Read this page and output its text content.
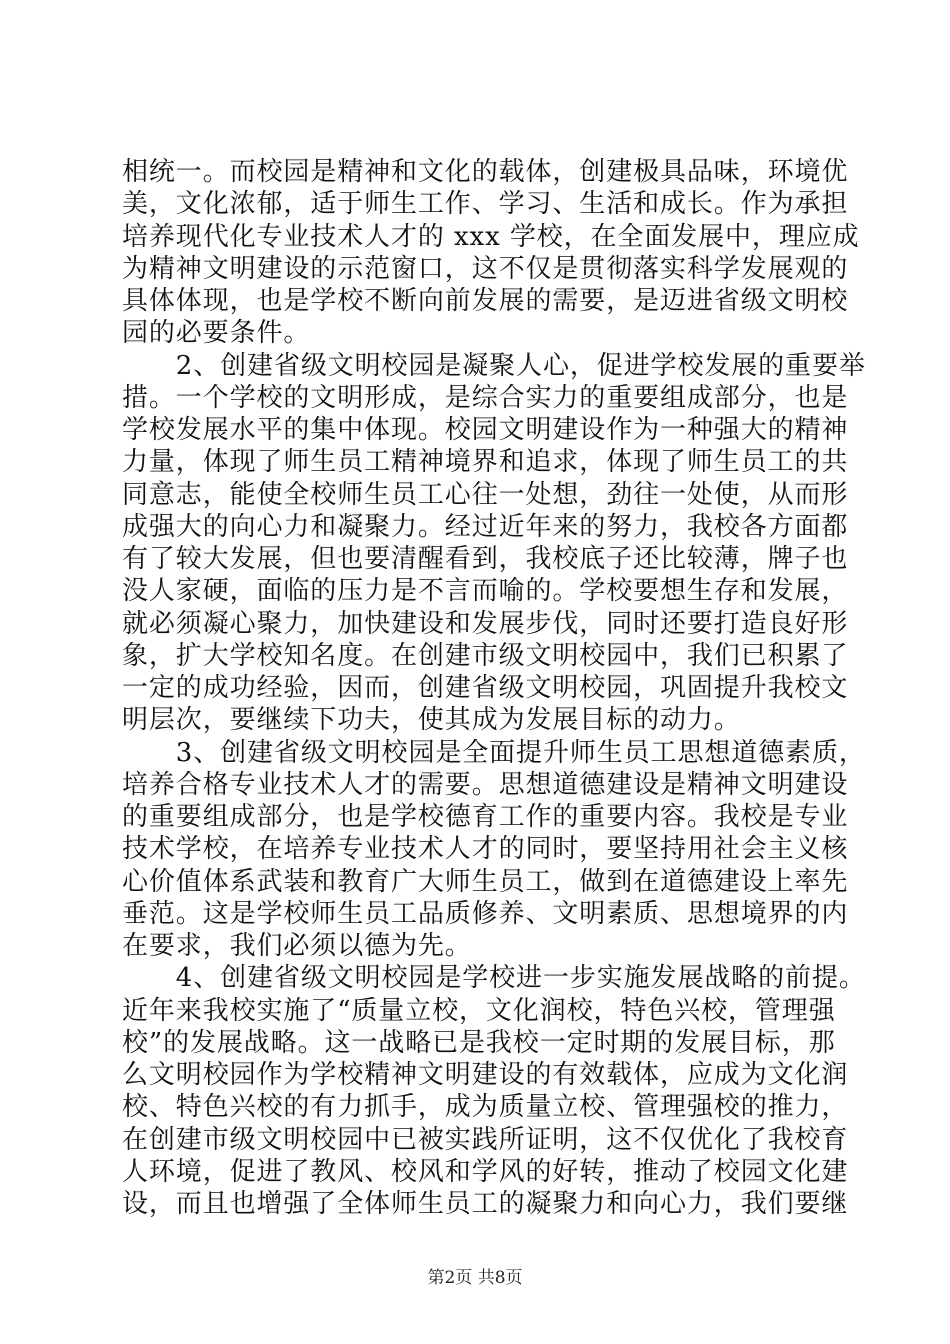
相统一。而校园是精神和文化的载体，创建极具品味，环境优
美，文化浓郁，适于师生工作、学习、生活和成长。作为承担
培养现代化专业技术人才的 xxx 学校，在全面发展中，理应成
为精神文明建设的示范窗口，这不仅是贯彻落实科学发展观的
具体体现，也是学校不断向前发展的需要，是迈进省级文明校
园的必要条件。
　　2、创建省级文明校园是凝聚人心，促进学校发展的重要举
措。一个学校的文明形成，是综合实力的重要组成部分，也是
学校发展水平的集中体现。校园文明建设作为一种强大的精神
力量，体现了师生员工精神境界和追求，体现了师生员工的共
同意志，能使全校师生员工心往一处想，劲往一处使，从而形
成强大的向心力和凝聚力。经过近年来的努力，我校各方面都
有了较大发展，但也要清醒看到，我校底子还比较薄，牌子也
没人家硬，面临的压力是不言而喻的。学校要想生存和发展，
就必须凝心聚力，加快建设和发展步伐，同时还要打造良好形
象，扩大学校知名度。在创建市级文明校园中，我们已积累了
一定的成功经验，因而，创建省级文明校园，巩固提升我校文
明层次，要继续下功夫，使其成为发展目标的动力。
　　3、创建省级文明校园是全面提升师生员工思想道德素质，
培养合格专业技术人才的需要。思想道德建设是精神文明建设
的重要组成部分，也是学校德育工作的重要内容。我校是专业
技术学校，在培养专业技术人才的同时，要坚持用社会主义核
心价值体系武装和教育广大师生员工，做到在道德建设上率先
垂范。这是学校师生员工品质修养、文明素质、思想境界的内
在要求，我们必须以德为先。
　　4、创建省级文明校园是学校进一步实施发展战略的前提。
近年来我校实施了“质量立校，文化润校，特色兴校，管理强
校”的发展战略。这一战略已是我校一定时期的发展目标，那
么文明校园作为学校精神文明建设的有效载体，应成为文化润
校、特色兴校的有力抓手，成为质量立校、管理强校的推力，
在创建市级文明校园中已被实践所证明，这不仅优化了我校育
人环境，促进了教风、校风和学风的好转，推动了校园文化建
设，而且也增强了全体师生员工的凝聚力和向心力，我们要继
第2页 共8页
